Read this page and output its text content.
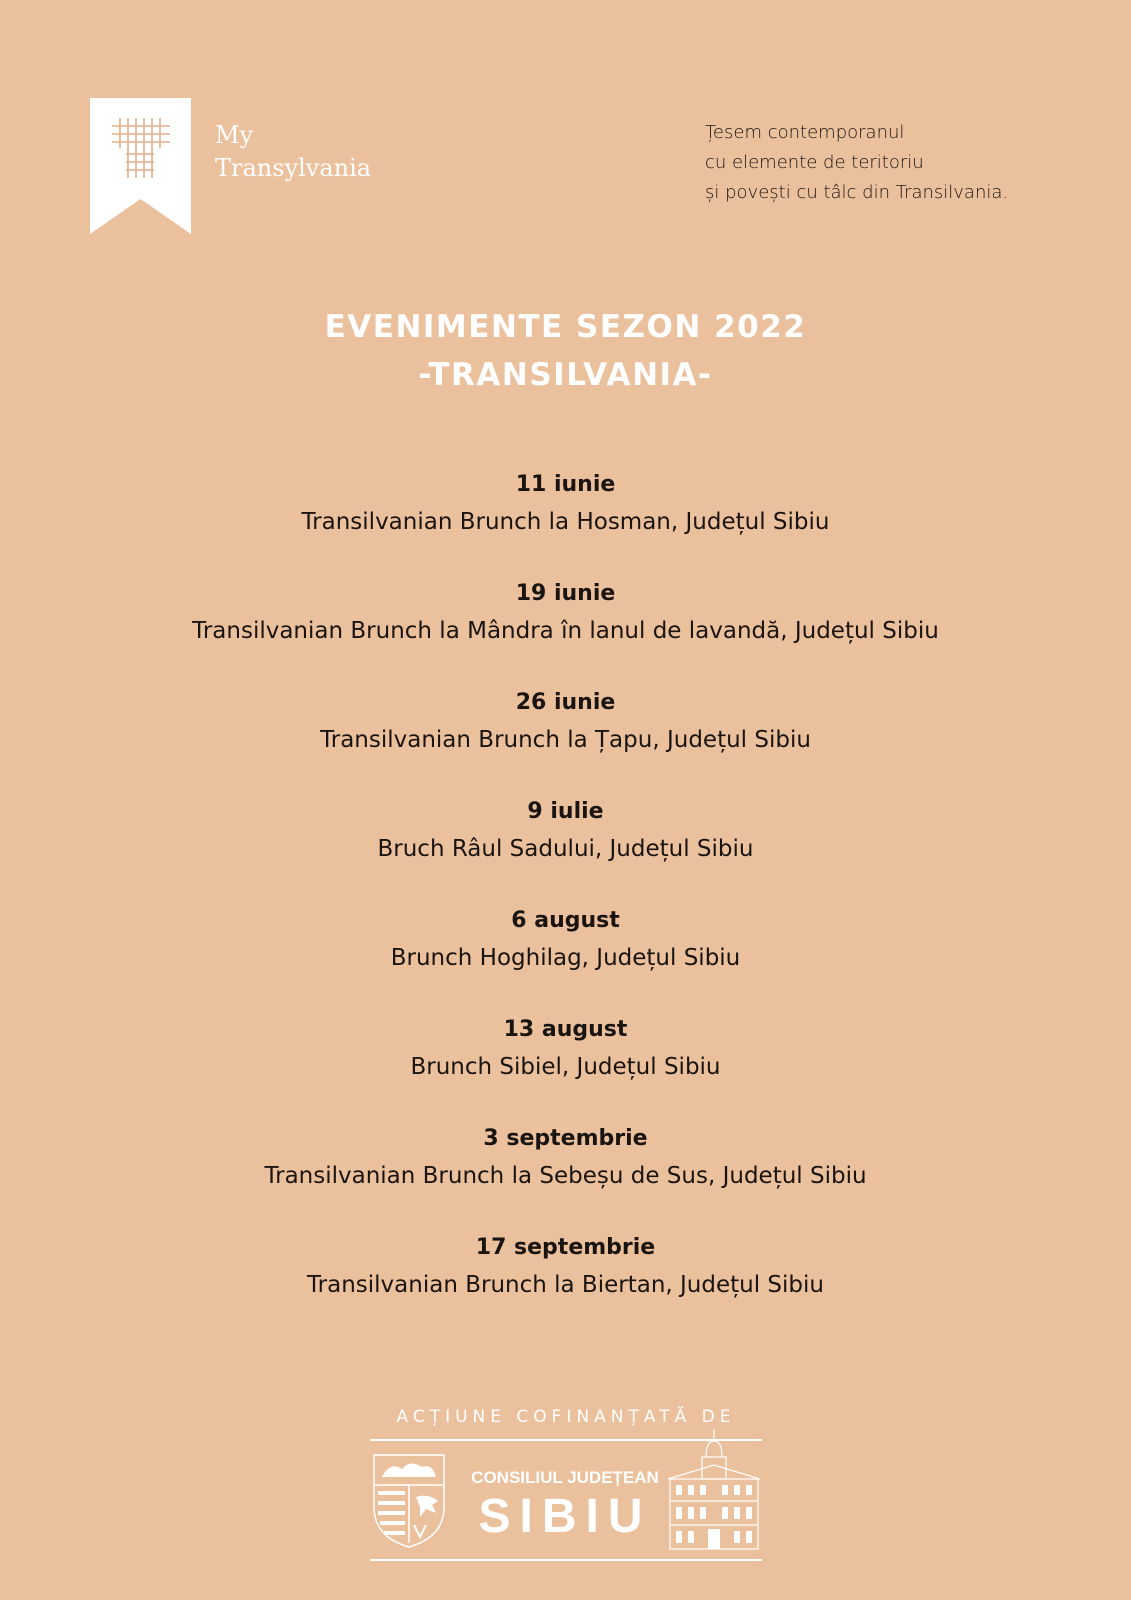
My
Transylvania
Țesem contemporanul
cu elemente de teritoriu
și povești cu tâlc din Transilvania.
EVENIMENTE SEZON 2022
-TRANSILVANIA-
11 iunie
Transilvanian Brunch la Hosman, Județul Sibiu
19 iunie
Transilvanian Brunch la Mândra în lanul de lavandă, Județul Sibiu
26 iunie
Transilvanian Brunch la Țapu, Județul Sibiu
9 iulie
Bruch Râul Sadului, Județul Sibiu
6 august
Brunch Hoghilag, Județul Sibiu
13 august
Brunch Sibiel, Județul Sibiu
3 septembrie
Transilvanian Brunch la Sebeșu de Sus, Județul Sibiu
17 septembrie
Transilvanian Brunch la Biertan, Județul Sibiu
ACȚIUNE COFINANȚATĂ DE
CONSILIUL JUDEȚEAN
SIBIU
